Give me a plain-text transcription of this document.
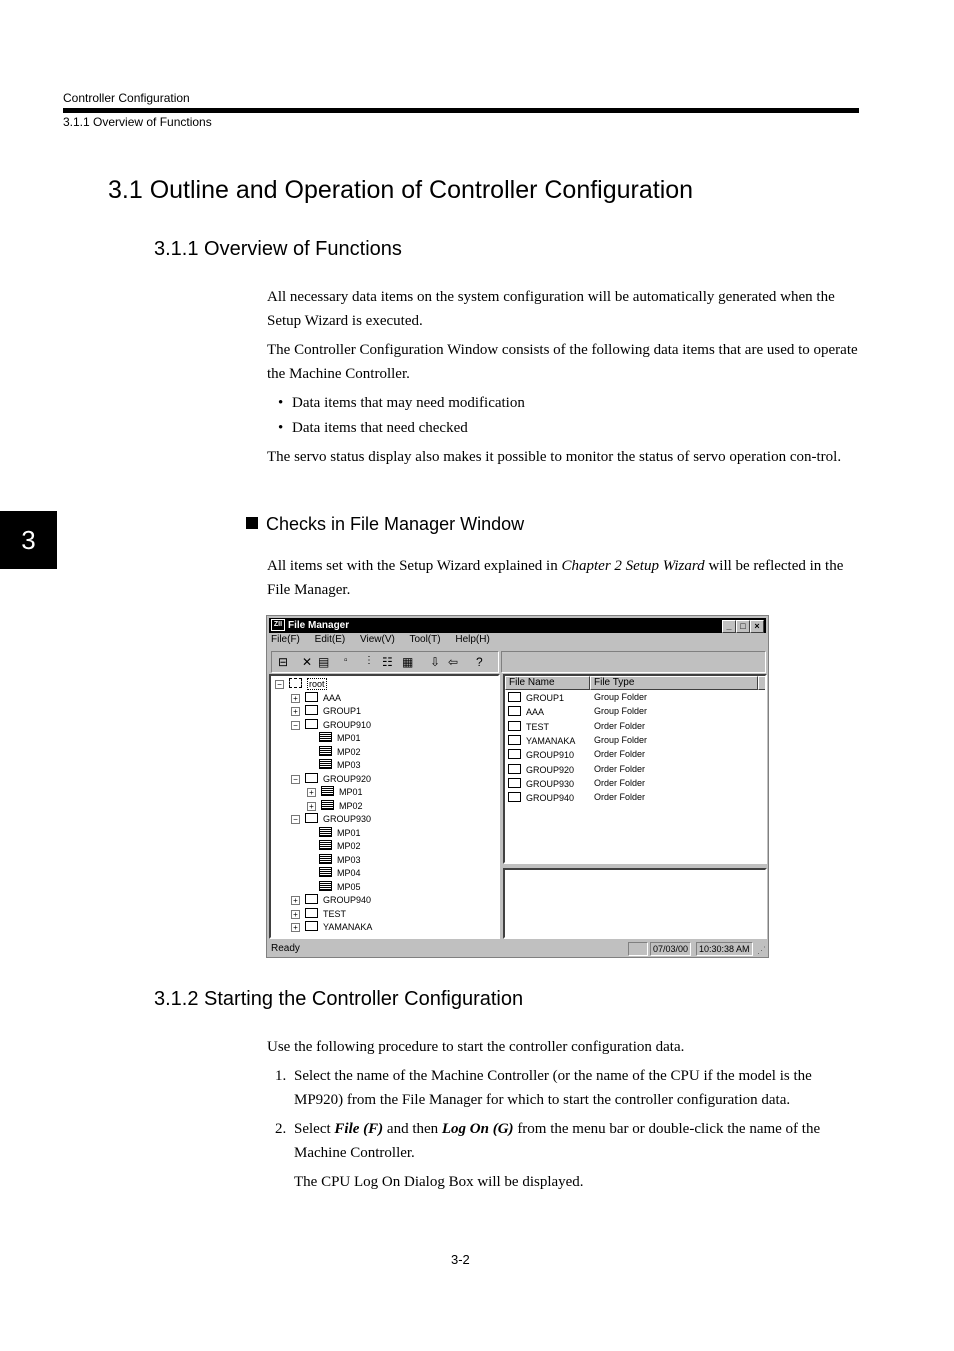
Controller Configuration
3.1.1 Overview of Functions
3
3.1 Outline and Operation of Controller Configuration
3.1.1 Overview of Functions

All necessary data items on the system configuration will be automatically generated when the Setup Wizard is executed.

The Controller Configuration Window consists of the following data items that are used to operate the Machine Controller.

• Data items that may need modification

• Data items that need checked

The servo status display also makes it possible to monitor the status of servo operation con-trol.

Checks in File Manager Window

All items set with the Setup Wizard explained in Chapter 2 Setup Wizard will be reflected in the File Manager.

ZII File Manager	_ □ ×
File(F) Edit(E) View(V) Tool(T) Help(H)
⊟ ✕ ▤ ▫ ⋮ ☷ ▦ ⇩ ⇦ ?
−	root
+	AAA
+	GROUP1
−	GROUP910
MP01
MP02
MP03
−	GROUP920
+	MP01
+	MP02
−	GROUP930
MP01
MP02
MP03
MP04
MP05
+	GROUP940
+	TEST
+	YAMANAKA
File Name	File Type
GROUP1	Group Folder
AAA	Group Folder
TEST	Order Folder
YAMANAKA Group Folder
GROUP910 Order Folder
GROUP920 Order Folder
GROUP930 Order Folder
GROUP940 Order Folder
Ready	07/03/00	10:30:38 AM ⋰
3.1.2 Starting the Controller Configuration

Use the following procedure to start the controller configuration data.

1. Select the name of the Machine Controller (or the name of the CPU if the model is the MP920) from the File Manager for which to start the controller configuration data.

2. Select File (F) and then Log On (G) from the menu bar or double-click the name of the Machine Controller.

The CPU Log On Dialog Box will be displayed.

3-2
